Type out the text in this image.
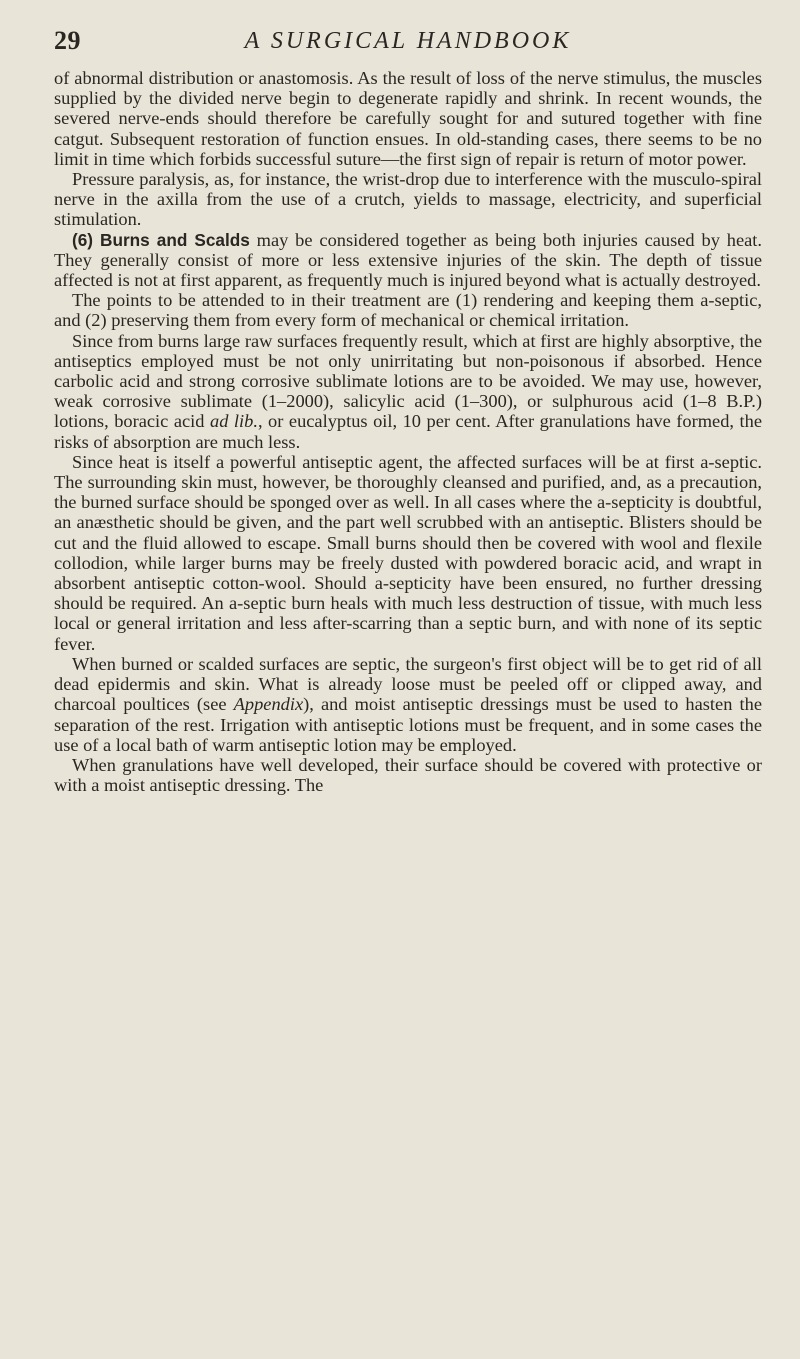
29	A SURGICAL HANDBOOK

of abnormal distribution or anastomosis. As the result of loss of the nerve stimulus, the muscles supplied by the divided nerve begin to degenerate rapidly and shrink. In recent wounds, the severed nerve-ends should therefore be carefully sought for and sutured together with fine catgut. Subsequent restoration of function ensues. In old-standing cases, there seems to be no limit in time which forbids successful suture—the first sign of repair is return of motor power.

Pressure paralysis, as, for instance, the wrist-drop due to interference with the musculo-spiral nerve in the axilla from the use of a crutch, yields to massage, electricity, and superficial stimulation.

(6) Burns and Scalds may be considered together as being both injuries caused by heat. They generally consist of more or less extensive injuries of the skin. The depth of tissue affected is not at first apparent, as frequently much is injured beyond what is actually destroyed.

The points to be attended to in their treatment are (1) rendering and keeping them a-septic, and (2) preserving them from every form of mechanical or chemical irritation.

Since from burns large raw surfaces frequently result, which at first are highly absorptive, the antiseptics employed must be not only unirritating but non-poisonous if absorbed. Hence carbolic acid and strong corrosive sublimate lotions are to be avoided. We may use, however, weak corrosive sublimate (1–2000), salicylic acid (1–300), or sulphurous acid (1–8 B.P.) lotions, boracic acid ad lib., or eucalyptus oil, 10 per cent. After granulations have formed, the risks of absorption are much less.

Since heat is itself a powerful antiseptic agent, the affected surfaces will be at first a-septic. The surrounding skin must, however, be thoroughly cleansed and purified, and, as a precaution, the burned surface should be sponged over as well. In all cases where the a-septicity is doubtful, an anæsthetic should be given, and the part well scrubbed with an antiseptic. Blisters should be cut and the fluid allowed to escape. Small burns should then be covered with wool and flexile collodion, while larger burns may be freely dusted with powdered boracic acid, and wrapt in absorbent antiseptic cotton-wool. Should a-septicity have been ensured, no further dressing should be required. An a-septic burn heals with much less destruction of tissue, with much less local or general irritation and less after-scarring than a septic burn, and with none of its septic fever.

When burned or scalded surfaces are septic, the surgeon's first object will be to get rid of all dead epidermis and skin. What is already loose must be peeled off or clipped away, and charcoal poultices (see Appendix), and moist antiseptic dressings must be used to hasten the separation of the rest. Irrigation with antiseptic lotions must be frequent, and in some cases the use of a local bath of warm antiseptic lotion may be employed.

When granulations have well developed, their surface should be covered with protective or with a moist antiseptic dressing. The
